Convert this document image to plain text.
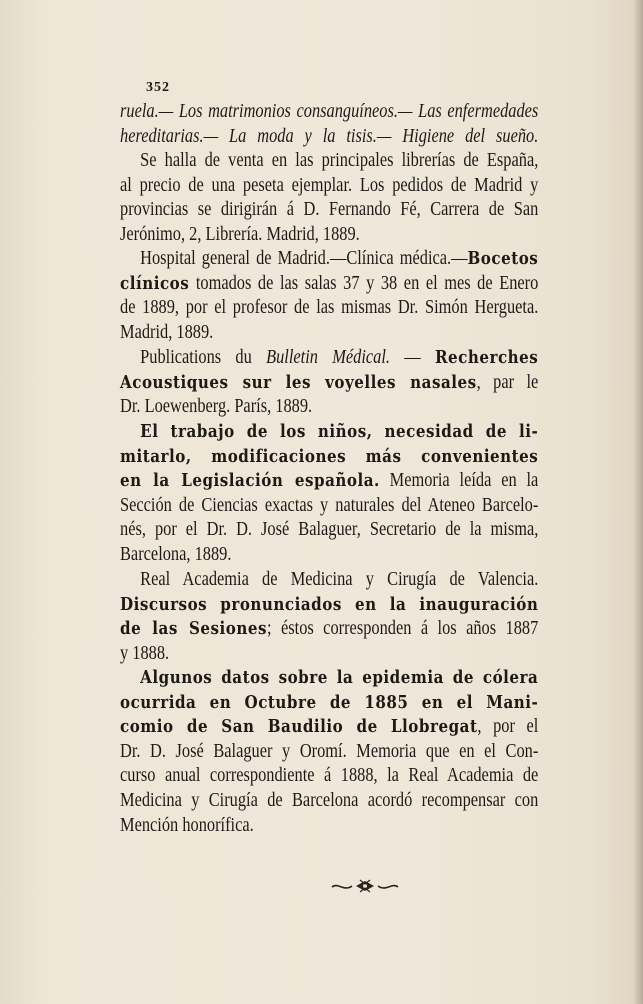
352

ruela.— Los matrimonios consanguíneos.— Las enfermedades
hereditarias.— La moda y la tisis.— Higiene del sueño.
Se halla de venta en las principales librerías de España,
al precio de una peseta ejemplar. Los pedidos de Madrid y
provincias se dirigirán á D. Fernando Fé, Carrera de San
Jerónimo, 2, Librería. Madrid, 1889.

Hospital general de Madrid.—Clínica médica.—Bocetos
clínicos tomados de las salas 37 y 38 en el mes de Enero
de 1889, por el profesor de las mismas Dr. Simón Hergueta.
Madrid, 1889.

Publications du Bulletin Médical. — Recherches
Acoustiques sur les voyelles nasales, par le
Dr. Loewenberg. París, 1889.

El trabajo de los niños, necesidad de li-
mitarlo, modificaciones más convenientes
en la Legislación española. Memoria leída en la
Sección de Ciencias exactas y naturales del Ateneo Barcelo-
nés, por el Dr. D. José Balaguer, Secretario de la misma,
Barcelona, 1889.

Real Academia de Medicina y Cirugía de Valencia.
Discursos pronunciados en la inauguración
de las Sesiones; éstos corresponden á los años 1887
y 1888.

Algunos datos sobre la epidemia de cólera
ocurrida en Octubre de 1885 en el Mani-
comio de San Baudilio de Llobregat, por el
Dr. D. José Balaguer y Oromí. Memoria que en el Con-
curso anual correspondiente á 1888, la Real Academia de
Medicina y Cirugía de Barcelona acordó recompensar con
Mención honorífica.
